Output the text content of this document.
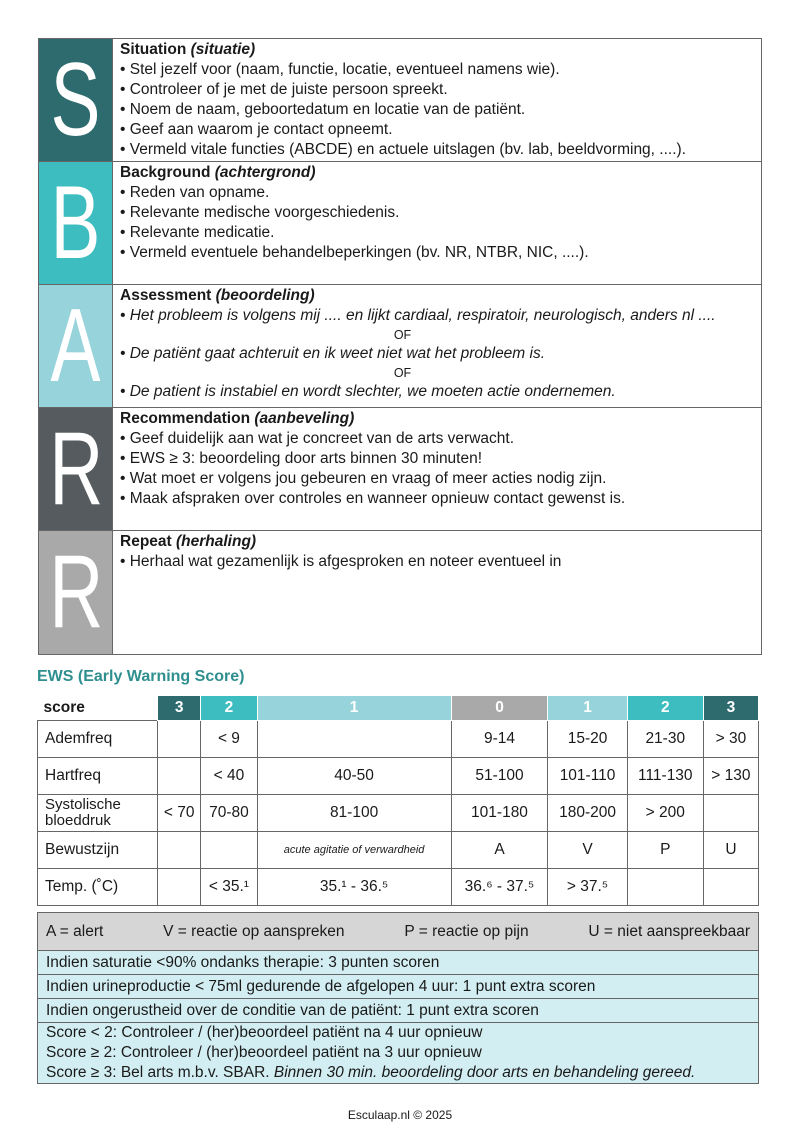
S Situation (situatie)
• Stel jezelf voor (naam, functie, locatie, eventueel namens wie).
• Controleer of je met de juiste persoon spreekt.
• Noem de naam, geboortedatum en locatie van de patiënt.
• Geef aan waarom je contact opneemt.
• Vermeld vitale functies (ABCDE) en actuele uitslagen (bv. lab, beeldvorming, ....).
B Background (achtergrond)
• Reden van opname.
• Relevante medische voorgeschiedenis.
• Relevante medicatie.
• Vermeld eventuele behandelbeperkingen (bv. NR, NTBR, NIC, ....).
A Assessment (beoordeling)
• Het probleem is volgens mij .... en lijkt cardiaal, respiratoir, neurologisch, anders nl ....
OF
• De patiënt gaat achteruit en ik weet niet wat het probleem is.
OF
• De patient is instabiel en wordt slechter, we moeten actie ondernemen.
R Recommendation (aanbeveling)
• Geef duidelijk aan wat je concreet van de arts verwacht.
• EWS ≥ 3: beoordeling door arts binnen 30 minuten!
• Wat moet er volgens jou gebeuren en vraag of meer acties nodig zijn.
• Maak afspraken over controles en wanneer opnieuw contact gewenst is.
R Repeat (herhaling)
• Herhaal wat gezamenlijk is afgesproken en noteer eventueel in
EWS (Early Warning Score)
score	3	2	1	0	1	2	3
Ademfreq		< 9		9-14	15-20	21-30	> 30
Hartfreq		< 40	40-50	51-100	101-110	111-130	> 130
Systolische bloeddruk	< 70	70-80	81-100	101-180	180-200	> 200	
Bewustzijn			acute agitatie of verwardheid	A	V	P	U
Temp. (˚C)		< 35.¹	35.¹ - 36.⁵	36.⁶ - 37.⁵	> 37.⁵		
A = alert	V = reactie op aanspreken	P = reactie op pijn	U = niet aanspreekbaar

Indien saturatie <90% ondanks therapie: 3 punten scoren
Indien urineproductie < 75ml gedurende de afgelopen 4 uur: 1 punt extra scoren
Indien ongerustheid over de conditie van de patiënt: 1 punt extra scoren

Score < 2: Controleer / (her)beoordeel patiënt na 4 uur opnieuw
Score ≥ 2: Controleer / (her)beoordeel patiënt na 3 uur opnieuw
Score ≥ 3: Bel arts m.b.v. SBAR. Binnen 30 min. beoordeling door arts en behandeling gereed.
Esculaap.nl © 2025
